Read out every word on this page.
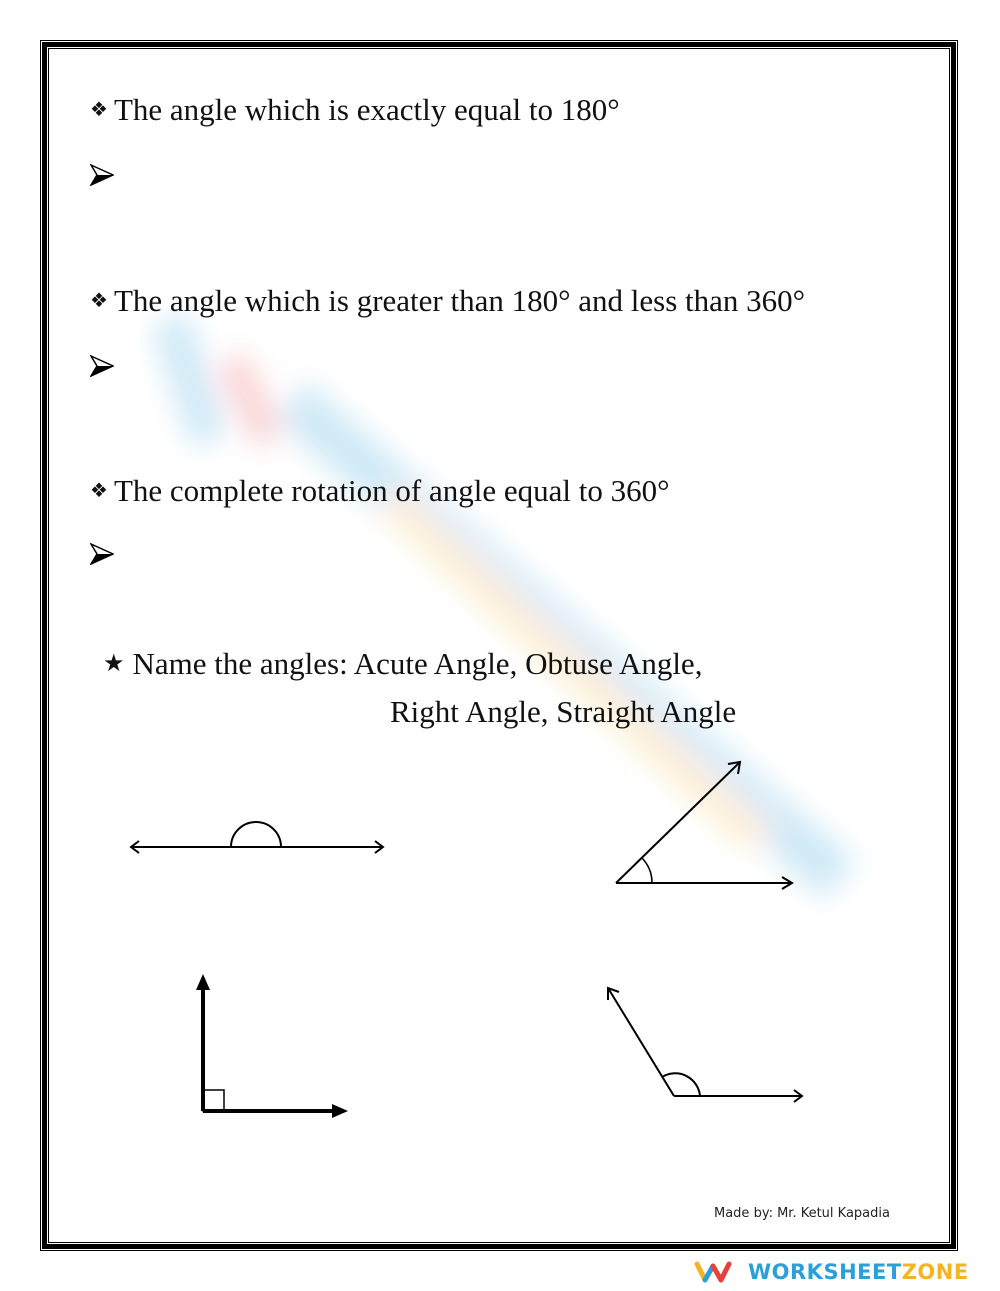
❖ The angle which is exactly equal to 180°
❖ The angle which is greater than 180° and less than 360°
❖ The complete rotation of angle equal to 360°
★ Name the angles: Acute Angle, Obtuse Angle,
Right Angle, Straight Angle
Made by: Mr. Ketul Kapadia
WORKSHEET ZONE
